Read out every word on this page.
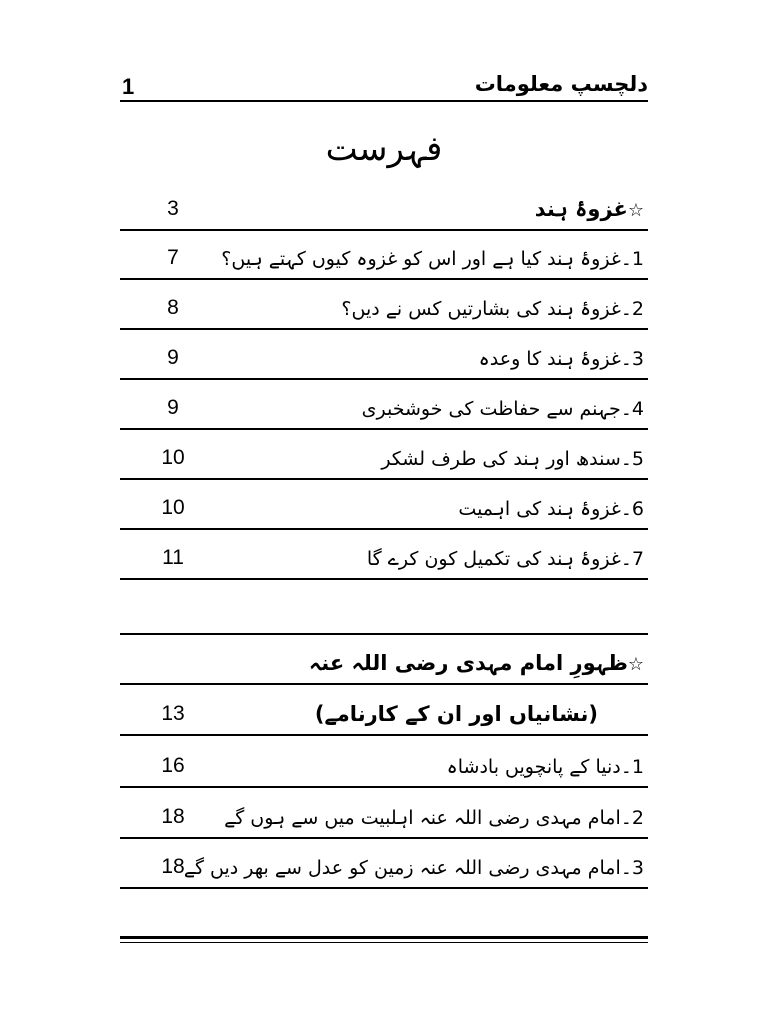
1	دلچسپ معلومات
فہرست
☆غزوۂ ہند
3
1۔غزوۂ ہند کیا ہے اور اس کو غزوہ کیوں کہتے ہیں؟
7
2۔غزوۂ ہند کی بشارتیں کس نے دیں؟
8
3۔غزوۂ ہند کا وعدہ
9
4۔جہنم سے حفاظت کی خوشخبری
9
5۔سندھ اور ہند کی طرف لشکر
10
6۔غزوۂ ہند کی اہمیت
10
7۔غزوۂ ہند کی تکمیل کون کرے گا
11
☆ظہورِ امام مہدی رضی اللہ عنہ
(نشانیاں اور ان کے کارنامے)
13
1۔دنیا کے پانچویں بادشاہ
16
2۔امام مہدی رضی اللہ عنہ اہلبیت میں سے ہوں گے
18
3۔امام مہدی رضی اللہ عنہ زمین کو عدل سے بھر دیں گے
18
